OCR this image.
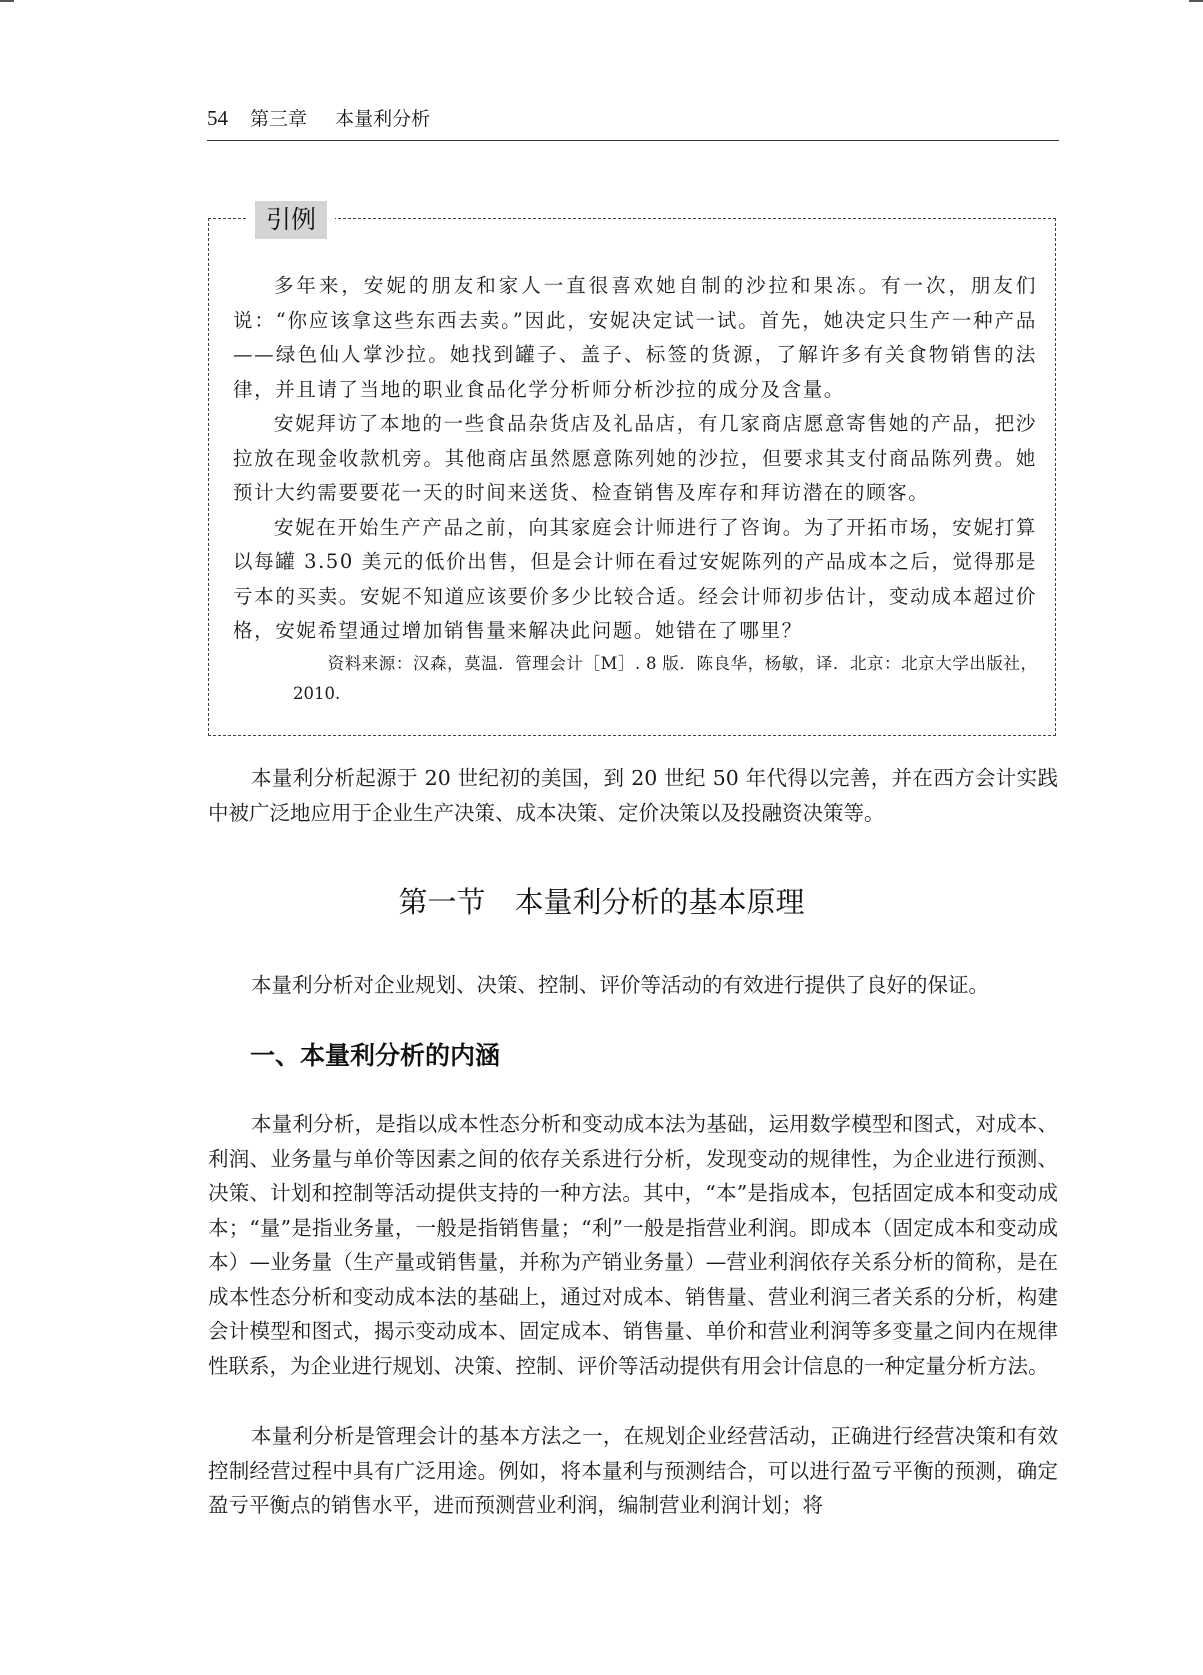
54 第三章 本量利分析
引例

多年来，安妮的朋友和家人一直很喜欢她自制的沙拉和果冻。有一次，朋友们说：“你应该拿这些东西去卖。”因此，安妮决定试一试。首先，她决定只生产一种产品——绿色仙人掌沙拉。她找到罐子、盖子、标签的货源，了解许多有关食物销售的法律，并且请了当地的职业食品化学分析师分析沙拉的成分及含量。

安妮拜访了本地的一些食品杂货店及礼品店，有几家商店愿意寄售她的产品，把沙拉放在现金收款机旁。其他商店虽然愿意陈列她的沙拉，但要求其支付商品陈列费。她预计大约需要要花一天的时间来送货、检查销售及库存和拜访潜在的顾客。

安妮在开始生产产品之前，向其家庭会计师进行了咨询。为了开拓市场，安妮打算以每罐 3.50 美元的低价出售，但是会计师在看过安妮陈列的产品成本之后，觉得那是亏本的买卖。安妮不知道应该要价多少比较合适。经会计师初步估计，变动成本超过价格，安妮希望通过增加销售量来解决此问题。她错在了哪里？

资料来源：汉森，莫温．管理会计［M］. 8 版．陈良华，杨敏，译．北京：北京大学出版社，2010.

本量利分析起源于 20 世纪初的美国，到 20 世纪 50 年代得以完善，并在西方会计实践中被广泛地应用于企业生产决策、成本决策、定价决策以及投融资决策等。

第一节　本量利分析的基本原理

本量利分析对企业规划、决策、控制、评价等活动的有效进行提供了良好的保证。

一、本量利分析的内涵

本量利分析，是指以成本性态分析和变动成本法为基础，运用数学模型和图式，对成本、利润、业务量与单价等因素之间的依存关系进行分析，发现变动的规律性，为企业进行预测、决策、计划和控制等活动提供支持的一种方法。其中，“本”是指成本，包括固定成本和变动成本；“量”是指业务量，一般是指销售量；“利”一般是指营业利润。即成本（固定成本和变动成本）—业务量（生产量或销售量，并称为产销业务量）—营业利润依存关系分析的简称，是在成本性态分析和变动成本法的基础上，通过对成本、销售量、营业利润三者关系的分析，构建会计模型和图式，揭示变动成本、固定成本、销售量、单价和营业利润等多变量之间内在规律性联系，为企业进行规划、决策、控制、评价等活动提供有用会计信息的一种定量分析方法。

本量利分析是管理会计的基本方法之一，在规划企业经营活动，正确进行经营决策和有效控制经营过程中具有广泛用途。例如，将本量利与预测结合，可以进行盈亏平衡的预测，确定盈亏平衡点的销售水平，进而预测营业利润，编制营业利润计划；将
